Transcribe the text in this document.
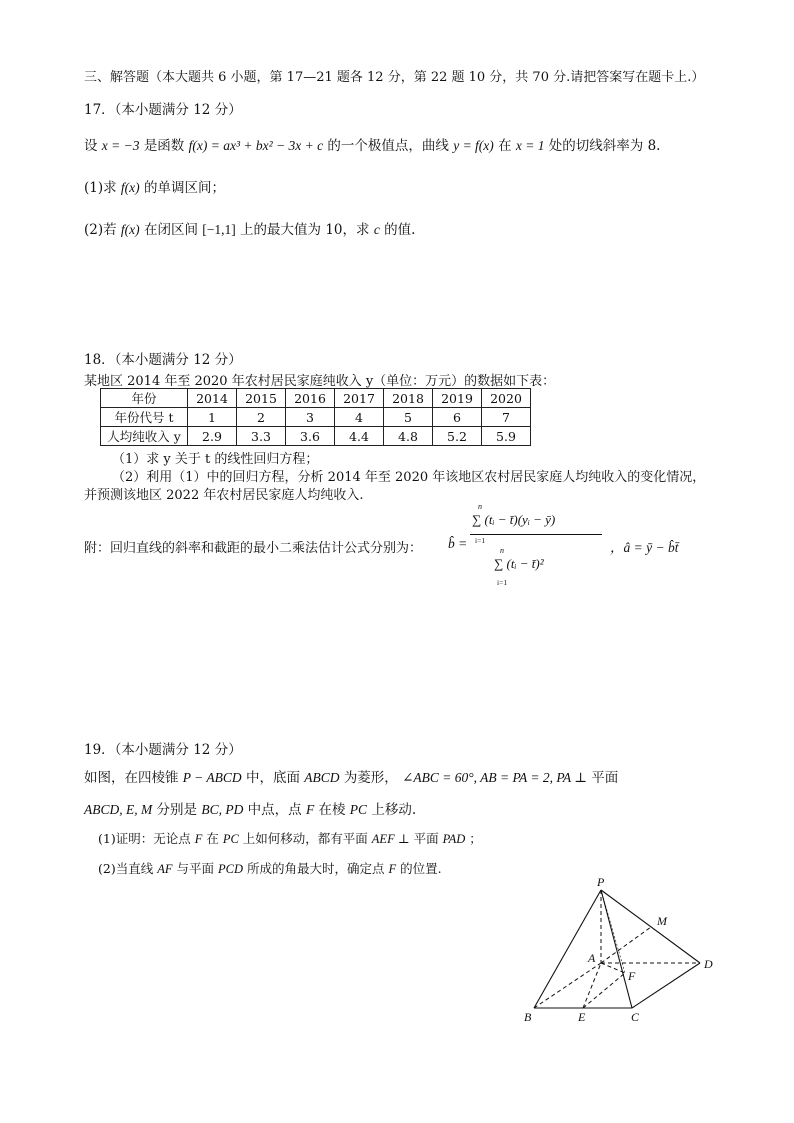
三、解答题（本大题共 6 小题，第 17—21 题各 12 分，第 22 题 10 分，共 70 分.请把答案写在题卡上.）
17．（本小题满分 12 分）
设 x = −3 是函数 f(x) = ax³ + bx² − 3x + c 的一个极值点，曲线 y = f(x) 在 x = 1 处的切线斜率为 8.
(1)求 f(x) 的单调区间；
(2)若 f(x) 在闭区间 [−1,1] 上的最大值为 10，求 c 的值.
18．（本小题满分 12 分）
某地区 2014 年至 2020 年农村居民家庭纯收入 y（单位：万元）的数据如下表：
年份	2014	2015	2016	2017	2018	2019	2020
年份代号 t	1	2	3	4	5	6	7
人均纯收入 y	2.9	3.3	3.6	4.4	4.8	5.2	5.9
（1）求 y 关于 t 的线性回归方程；
（2）利用（1）中的回归方程，分析 2014 年至 2020 年该地区农村居民家庭人均纯收入的变化情况，
并预测该地区 2022 年农村居民家庭人均纯收入.
附：回归直线的斜率和截距的最小二乘法估计公式分别为： b̂ =
n
i=1
∑ (tᵢ − t̄)(yᵢ − ȳ)
n
i=1
∑ (tᵢ − t̄)²
，â = ȳ − b̂t̄
19．（本小题满分 12 分）
如图，在四棱锥 P − ABCD 中，底面 ABCD 为菱形， ∠ABC = 60°, AB = PA = 2, PA ⊥ 平面
ABCD, E, M 分别是 BC, PD 中点，点 F 在棱 PC 上移动.
(1)证明：无论点 F 在 PC 上如何移动，都有平面 AEF ⊥ 平面 PAD ；
(2)当直线 AF 与平面 PCD 所成的角最大时，确定点 F 的位置.
P
M
A
F
D
B	E	C
